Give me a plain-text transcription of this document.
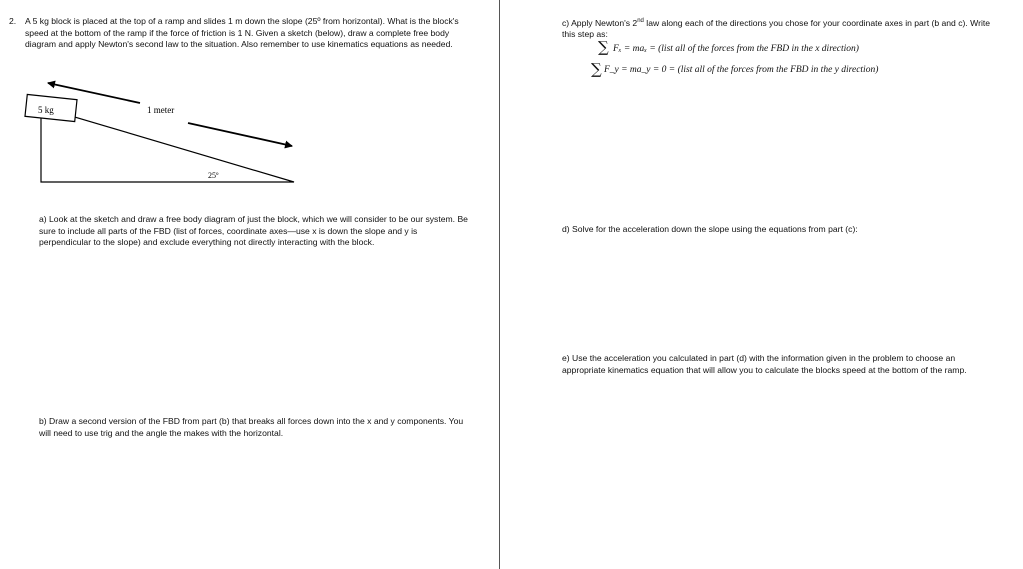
2. A 5 kg block is placed at the top of a ramp and slides 1 m down the slope (25º from horizontal). What is the block's speed at the bottom of the ramp if the force of friction is 1 N. Given a sketch (below), draw a complete free body diagram and apply Newton's second law to the situation. Also remember to use kinematics equations as needed.

5 kg	1 meter
25º

a) Look at the sketch and draw a free body diagram of just the block, which we will consider to be our system. Be sure to include all parts of the FBD (list of forces, coordinate axes—use x is down the slope and y is perpendicular to the slope) and exclude everything not directly interacting with the block.

b) Draw a second version of the FBD from part (b) that breaks all forces down into the x and y components. You will need to use trig and the angle the makes with the horizontal.

c) Apply Newton's 2nd law along each of the directions you chose for your coordinate axes in part (b and c). Write this step as:

∑ Fₓ = maₓ = (list all of the forces from the FBD in the x direction)
∑ F_y = ma_y = 0 = (list all of the forces from the FBD in the y direction)

d) Solve for the acceleration down the slope using the equations from part (c):

e) Use the acceleration you calculated in part (d) with the information given in the problem to choose an appropriate kinematics equation that will allow you to calculate the blocks speed at the bottom of the ramp.
